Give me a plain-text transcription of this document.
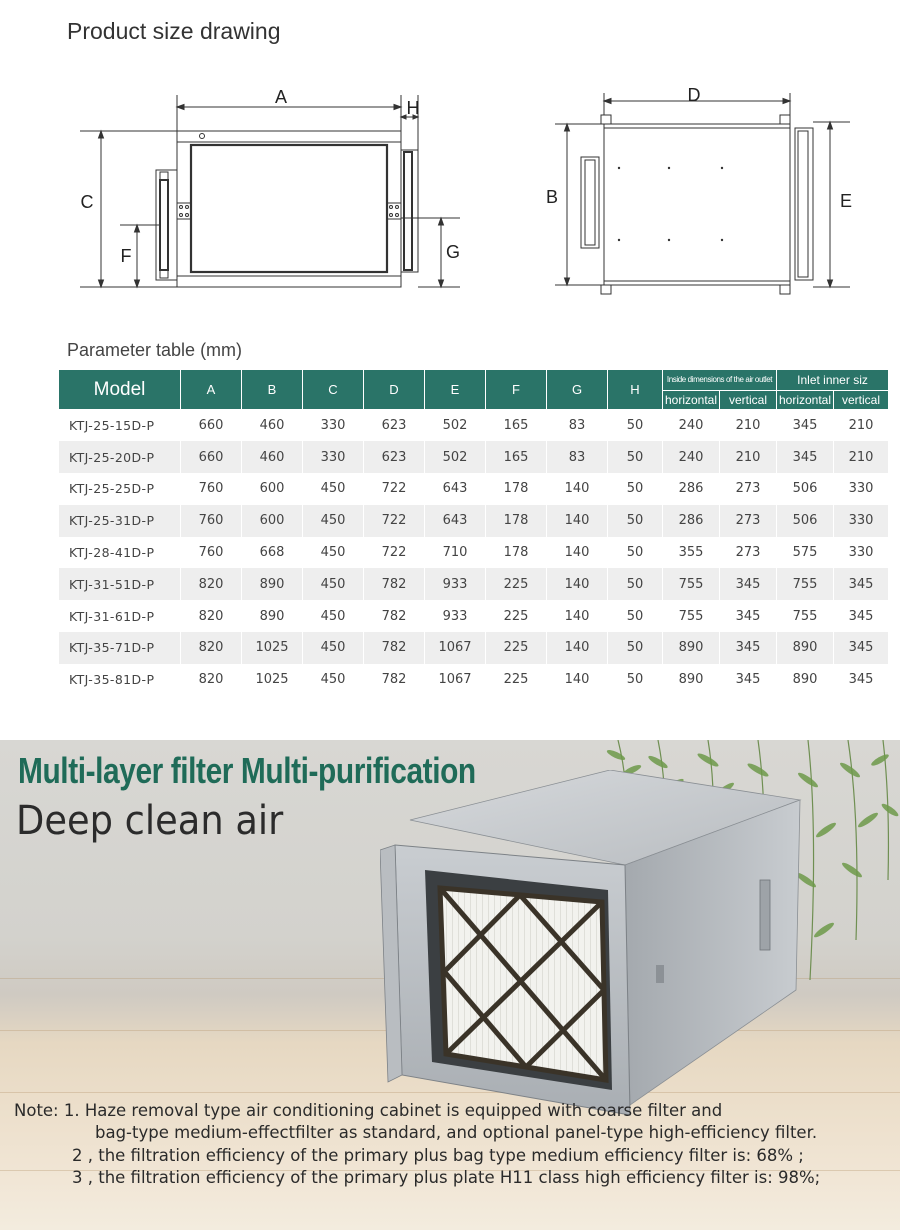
Product size drawing
A
H
C
F	G
D
B	E
Parameter table (mm)
Model	A	B	C	D	E	F	G	H	Inside dimensions of the air outlet		Inlet inner siz	
									horizontal	vertical	horizontal	vertical
KTJ-25-15D-P	660	460	330	623	502	165	83	50	240	210	345	210
KTJ-25-20D-P	660	460	330	623	502	165	83	50	240	210	345	210
KTJ-25-25D-P	760	600	450	722	643	178	140	50	286	273	506	330
KTJ-25-31D-P	760	600	450	722	643	178	140	50	286	273	506	330
KTJ-28-41D-P	760	668	450	722	710	178	140	50	355	273	575	330
KTJ-31-51D-P	820	890	450	782	933	225	140	50	755	345	755	345
KTJ-31-61D-P	820	890	450	782	933	225	140	50	755	345	755	345
KTJ-35-71D-P	820	1025	450	782	1067	225	140	50	890	345	890	345
KTJ-35-81D-P	820	1025	450	782	1067	225	140	50	890	345	890	345
Multi-layer filter Multi-purification
Deep clean air
Note: 1. Haze removal type air conditioning cabinet is equipped with coarse filter and
bag-type medium-effectfilter as standard, and optional panel-type high-efficiency filter.
2 , the filtration efficiency of the primary plus bag type medium efficiency filter is: 68% ;
3 , the filtration efficiency of the primary plus plate H11 class high efficiency filter is: 98%;
